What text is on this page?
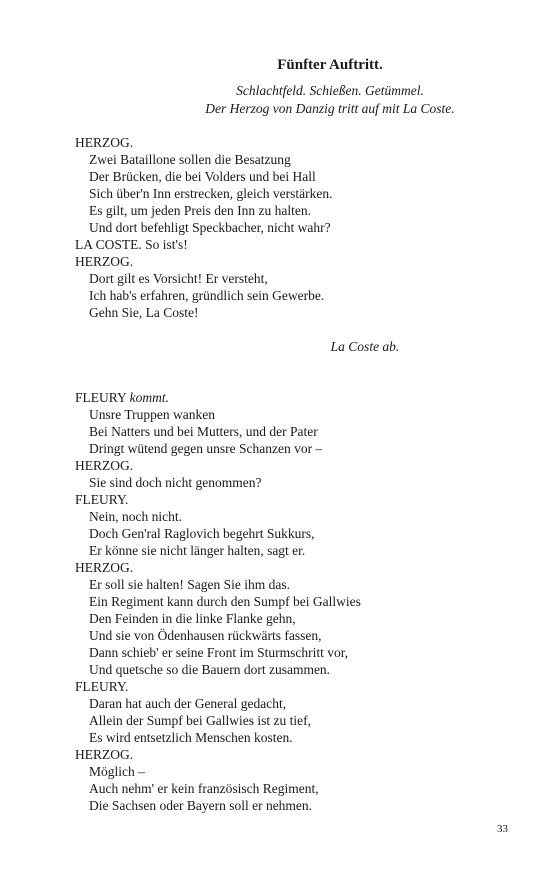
Fünfter Auftritt.
Schlachtfeld. Schießen. Getümmel.
Der Herzog von Danzig tritt auf mit La Coste.
HERZOG.
Zwei Bataillone sollen die Besatzung
Der Brücken, die bei Volders und bei Hall
Sich über'n Inn erstrecken, gleich verstärken.
Es gilt, um jeden Preis den Inn zu halten.
Und dort befehligt Speckbacher, nicht wahr?
LA COSTE. So ist's!
HERZOG.
Dort gilt es Vorsicht! Er versteht,
Ich hab's erfahren, gründlich sein Gewerbe.
Gehn Sie, La Coste!
La Coste ab.
FLEURY kommt.
Unsre Truppen wanken
Bei Natters und bei Mutters, und der Pater
Dringt wütend gegen unsre Schanzen vor –
HERZOG.
Sie sind doch nicht genommen?
FLEURY.
Nein, noch nicht.
Doch Gen'ral Raglovich begehrt Sukkurs,
Er könne sie nicht länger halten, sagt er.
HERZOG.
Er soll sie halten! Sagen Sie ihm das.
Ein Regiment kann durch den Sumpf bei Gallwies
Den Feinden in die linke Flanke gehn,
Und sie von Ödenhausen rückwärts fassen,
Dann schieb' er seine Front im Sturmschritt vor,
Und quetsche so die Bauern dort zusammen.
FLEURY.
Daran hat auch der General gedacht,
Allein der Sumpf bei Gallwies ist zu tief,
Es wird entsetzlich Menschen kosten.
HERZOG.
Möglich –
Auch nehm' er kein französisch Regiment,
Die Sachsen oder Bayern soll er nehmen.
33
